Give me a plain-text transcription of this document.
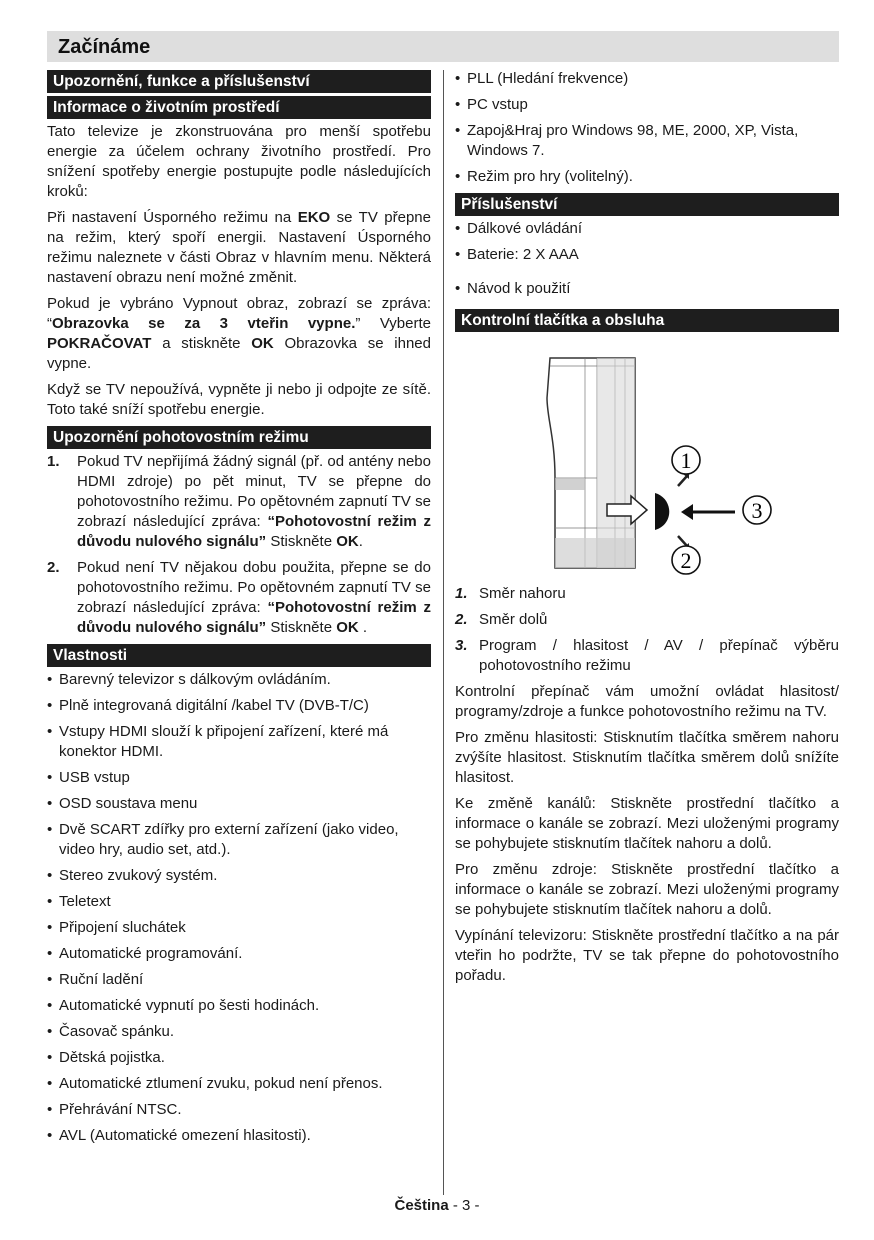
Začínáme
Upozornění, funkce a příslušenství
Informace o životním prostředí

Tato televize je zkonstruována pro menší spotřebu energie za účelem ochrany životního prostředí. Pro snížení spotřeby energie postupujte podle následujících kroků:

Při nastavení Úsporného režimu na EKO se TV přepne na režim, který spoří energii. Nastavení Úsporného režimu naleznete v části Obraz v hlavním menu. Některá nastavení obrazu není možné změnit.

Pokud je vybráno Vypnout obraz, zobrazí se zpráva: “Obrazovka se za 3 vteřin vypne.” Vyberte POKRAČOVAT a stiskněte OK Obrazovka se ihned vypne.

Když se TV nepoužívá, vypněte ji nebo ji odpojte ze sítě. Toto také sníží spotřebu energie.

Upozornění pohotovostním režimu
1. Pokud TV nepřijímá žádný signál (př. od antény nebo HDMI zdroje) po pět minut, TV se přepne do pohotovostního režimu. Po opětovném zapnutí TV se zobrazí následující zpráva: “Pohotovostní režim z důvodu nulového signálu” Stiskněte OK.
2. Pokud není TV nějakou dobu použita, přepne se do pohotovostního režimu. Po opětovném zapnutí TV se zobrazí následující zpráva: “Pohotovostní režim z důvodu nulového signálu” Stiskněte OK .
Vlastnosti
• Barevný televizor s dálkovým ovládáním.
• Plně integrovaná digitální /kabel TV (DVB-T/C)
• Vstupy HDMI slouží k připojení zařízení, které má konektor HDMI.
• USB vstup
• OSD soustava menu
• Dvě SCART zdířky pro externí zařízení (jako video, video hry, audio set, atd.).
• Stereo zvukový systém.
• Teletext
• Připojení sluchátek
• Automatické programování.
• Ruční ladění
• Automatické vypnutí po šesti hodinách.
• Časovač spánku.
• Dětská pojistka.
• Automatické ztlumení zvuku, pokud není přenos.
• Přehrávání NTSC.
• AVL (Automatické omezení hlasitosti).
• PLL (Hledání frekvence)
• PC vstup
• Zapoj&Hraj pro Windows 98, ME, 2000, XP, Vista, Windows 7.
• Režim pro hry (volitelný).
Příslušenství
• Dálkové ovládání
• Baterie: 2 X AAA
• Návod k použití
Kontrolní tlačítka a obsluha
1
2
3
1. Směr nahoru
2. Směr dolů
3. Program / hlasitost / AV / přepínač výběru pohotovostního režimu

Kontrolní přepínač vám umožní ovládat hlasitost/ programy/zdroje a funkce pohotovostního režimu na TV.

Pro změnu hlasitosti: Stisknutím tlačítka směrem nahoru zvýšíte hlasitost. Stisknutím tlačítka směrem dolů snížíte hlasitost.

Ke změně kanálů: Stiskněte prostřední tlačítko a informace o kanále se zobrazí. Mezi uloženými programy se pohybujete stisknutím tlačítek nahoru a dolů.

Pro změnu zdroje: Stiskněte prostřední tlačítko a informace o kanále se zobrazí. Mezi uloženými programy se pohybujete stisknutím tlačítek nahoru a dolů.

Vypínání televizoru: Stiskněte prostřední tlačítko a na pár vteřin ho podržte, TV se tak přepne do pohotovostního pořadu.

Čeština - 3 -
